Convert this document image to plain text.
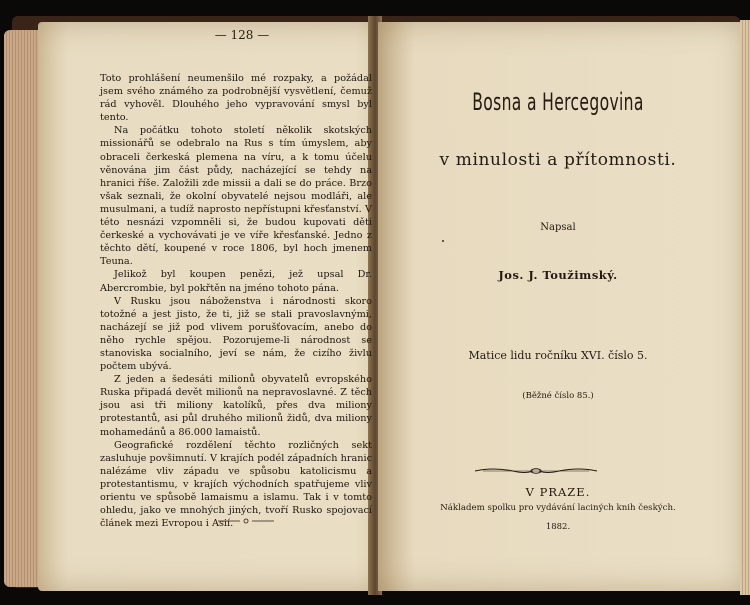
— 128 —

Toto prohlášení neumenšilo mé rozpaky, a požádal jsem svého známého za podrobnější vysvětlení, čemuž rád vyhověl. Dlouhého jeho vypravování smysl byl tento.

Na počátku tohoto století několik skotských missionářů se odebralo na Rus s tím úmyslem, aby obraceli čerkeská plemena na víru, a k tomu účelu věnována jim část půdy, nacházející se tehdy na hranici říše. Založili zde missii a dali se do práce. Brzo však seznali, že okolní obyvatelé nejsou modláři, ale musulmani, a tudíž naprosto nepřístupni křesťanství. V této nesnázi vzpomněli si, že budou kupovati děti čerkeské a vychovávati je ve víře křesťanské. Jedno z těchto dětí, koupené v roce 1806, byl hoch jmenem Teuna.

Jelikož byl koupen penězi, jež upsal Dr. Abercrombie, byl pokřtěn na jméno tohoto pána.

V Rusku jsou náboženstva i národnosti skoro totožné a jest jisto, že ti, již se stali pravoslavnými, nacházejí se již pod vlivem porušťovacím, anebo do něho rychle spějou. Pozorujeme-li národnost se stanoviska socialního, jeví se nám, že cizího živlu počtem ubývá.

Z jeden a šedesáti milionů obyvatelů evropského Ruska připadá devět milionů na nepravoslavné. Z těch jsou asi tři miliony katolíků, přes dva miliony protestantů, asi půl druhého milionů židů, dva miliony mohamedánů a 86.000 lamaistů.

Geografické rozdělení těchto rozličných sekt zasluhuje povšimnutí. V krajích podél západních hranic nalézáme vliv západu ve spůsobu katolicismu a protestantismu, v krajích východních spatřujeme vliv orientu ve spůsobě lamaismu a islamu. Tak i v tomto ohledu, jako ve mnohých jiných, tvoří Rusko spojovací článek mezi Evropou i Asií.

Bosna a Hercegovina
v minulosti a přítomnosti.
Napsal
Jos. J. Toužimský.
Matice lidu ročníku XVI. číslo 5.
(Běžné číslo 85.)
V PRAZE.
Nákladem spolku pro vydávání laciných knih českých.
1882.
